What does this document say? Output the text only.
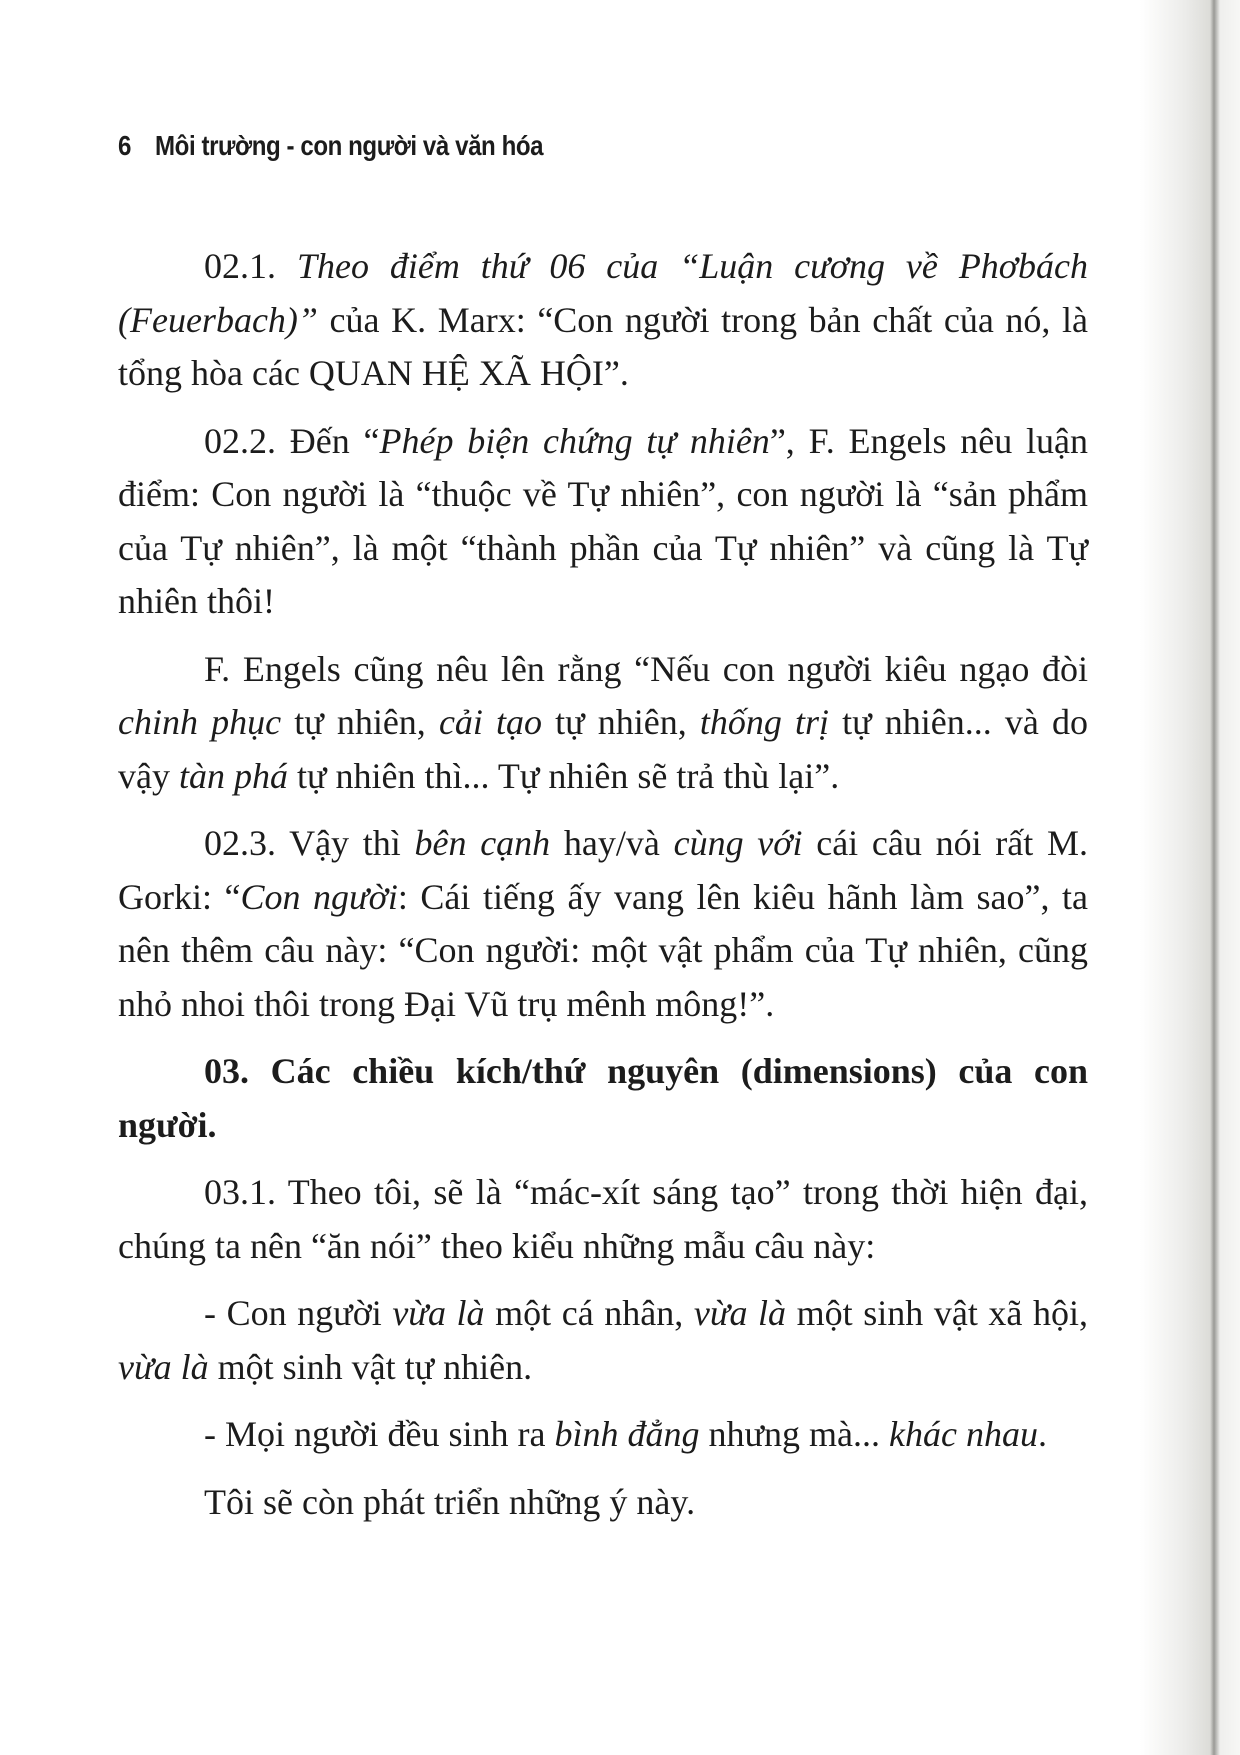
6 Môi trường - con người và văn hóa

02.1. Theo điểm thứ 06 của “Luận cương về Phơbách (Feuerbach)” của K. Marx: “Con người trong bản chất của nó, là tổng hòa các QUAN HỆ XÃ HỘI”.

02.2. Đến “Phép biện chứng tự nhiên”, F. Engels nêu luận điểm: Con người là “thuộc về Tự nhiên”, con người là “sản phẩm của Tự nhiên”, là một “thành phần của Tự nhiên” và cũng là Tự nhiên thôi!

F. Engels cũng nêu lên rằng “Nếu con người kiêu ngạo đòi chinh phục tự nhiên, cải tạo tự nhiên, thống trị tự nhiên... và do vậy tàn phá tự nhiên thì... Tự nhiên sẽ trả thù lại”.

02.3. Vậy thì bên cạnh hay/và cùng với cái câu nói rất M. Gorki: “Con người: Cái tiếng ấy vang lên kiêu hãnh làm sao”, ta nên thêm câu này: “Con người: một vật phẩm của Tự nhiên, cũng nhỏ nhoi thôi trong Đại Vũ trụ mênh mông!”.

03. Các chiều kích/thứ nguyên (dimensions) của con người.

03.1. Theo tôi, sẽ là “mác-xít sáng tạo” trong thời hiện đại, chúng ta nên “ăn nói” theo kiểu những mẫu câu này:

- Con người vừa là một cá nhân, vừa là một sinh vật xã hội, vừa là một sinh vật tự nhiên.

- Mọi người đều sinh ra bình đẳng nhưng mà... khác nhau.

Tôi sẽ còn phát triển những ý này.
